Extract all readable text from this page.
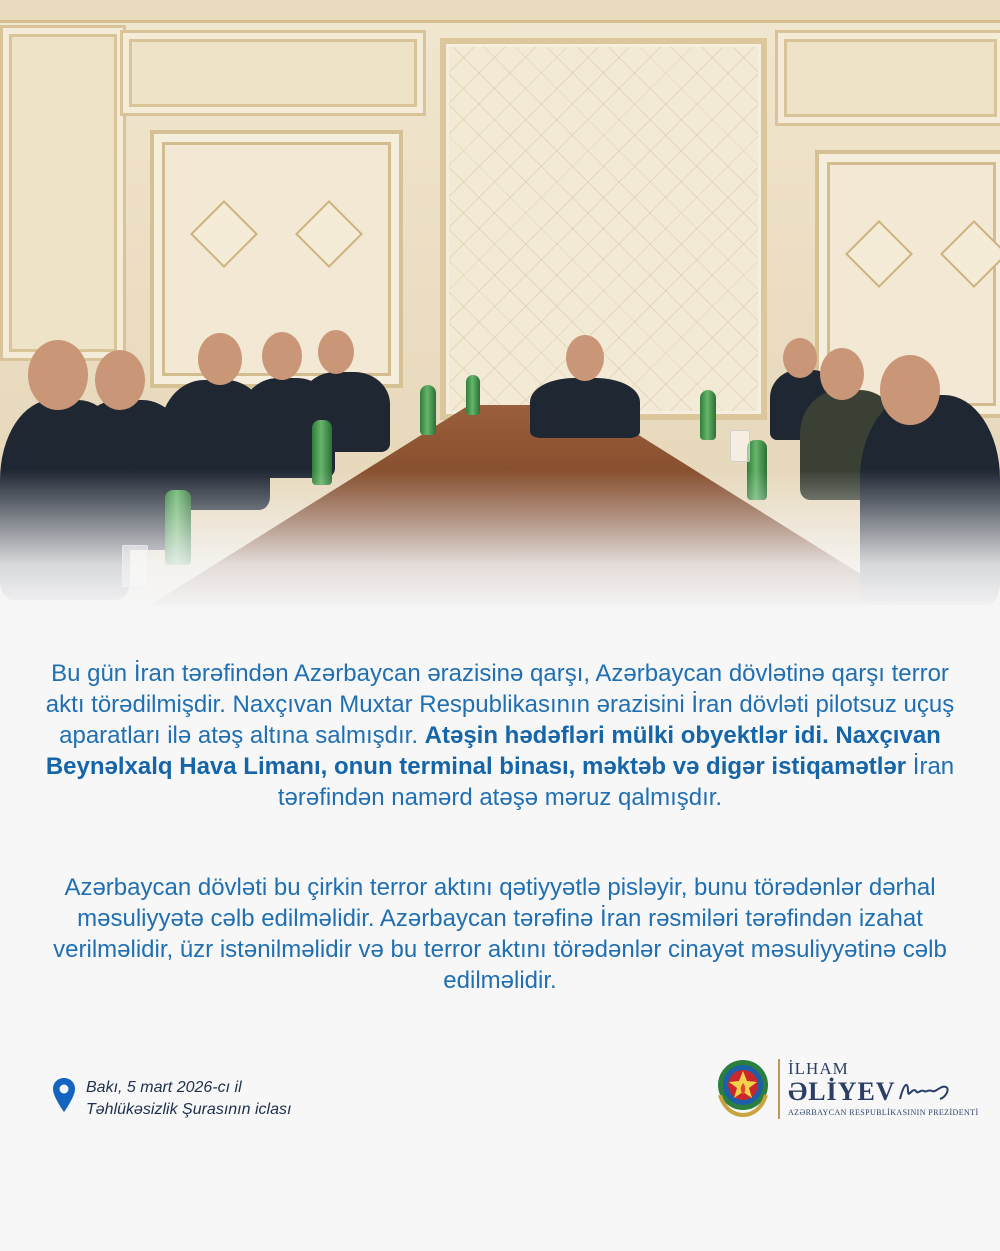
Bu gün İran tərəfindən Azərbaycan ərazisinə qarşı, Azərbaycan dövlətinə qarşı terror aktı törədilmişdir. Naxçıvan Muxtar Respublikasının ərazisini İran dövləti pilotsuz uçuş aparatları ilə atəş altına salmışdır. Atəşin hədəfləri mülki obyektlər idi. Naxçıvan Beynəlxalq Hava Limanı, onun terminal binası, məktəb və digər istiqamətlər İran tərəfindən namərd atəşə məruz qalmışdır.

Azərbaycan dövləti bu çirkin terror aktını qətiyyətlə pisləyir, bunu törədənlər dərhal məsuliyyətə cəlb edilməlidir. Azərbaycan tərəfinə İran rəsmiləri tərəfindən izahat verilməlidir, üzr istənilməlidir və bu terror aktını törədənlər cinayət məsuliyyətinə cəlb edilməlidir.

Bakı, 5 mart 2026-cı il
Təhlükəsizlik Şurasının iclası
İLHAM
ƏLİYEV
AZƏRBAYCAN RESPUBLİKASININ PREZİDENTİ
